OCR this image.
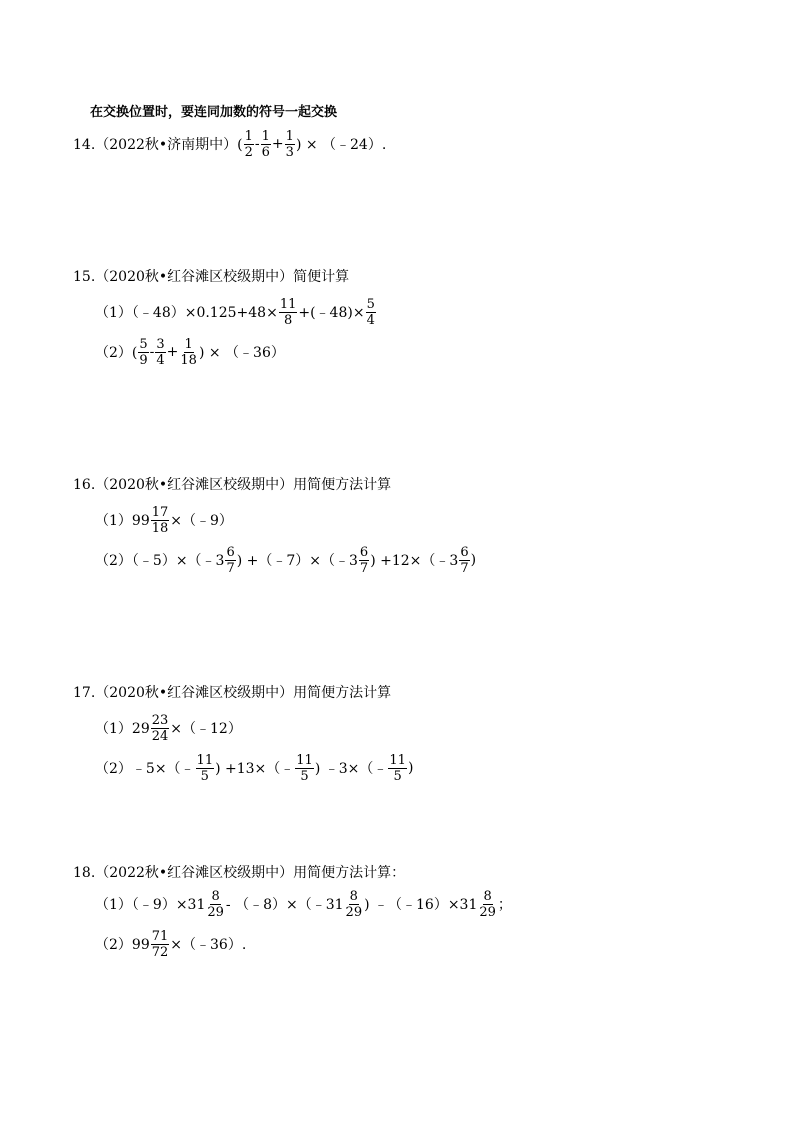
在交换位置时，要连同加数的符号一起交换
14.（2022秋•济南期中）( $\frac{1}{2} - \frac{1}{6} + \frac{1}{3}$ ) × （﹣24）.
15.（2020秋•红谷滩区校级期中）简便计算
（1）（﹣48）×0.125+48× $\frac{11}{8}$ +(﹣48)× $\frac{5}{4}$
$(2)( \frac{5}{9} - \frac{3}{4} + \frac{1}{18}$ ) × （﹣36）
16.（2020秋•红谷滩区校级期中）用简便方法计算
$(1)99 \frac{17}{18}$ ×（﹣9）
（2）（﹣5）×（﹣3 $\frac{6}{7}$ ) +（﹣7）×（﹣3 $\frac{6}{7}$ ) +12×（﹣3 $\frac{6}{7}$ )
17.（2020秋•红谷滩区校级期中）用简便方法计算
$(1)29 \frac{23}{24}$ ×（﹣12）
（2）﹣5×（﹣ $\frac{11}{5}$ ) +13×（﹣ $\frac{11}{5}$ ) ﹣3×（﹣ $\frac{11}{5}$ )
18.（2022秋•红谷滩区校级期中）用简便方法计算：
（1）（﹣9）×31 $\frac{8}{29}$ - （﹣8）×（﹣31 $\frac{8}{29}$ ) ﹣（﹣16）×31 $\frac{8}{29}$ ；
$(2)99 \frac{71}{72}$ ×（﹣36）.
